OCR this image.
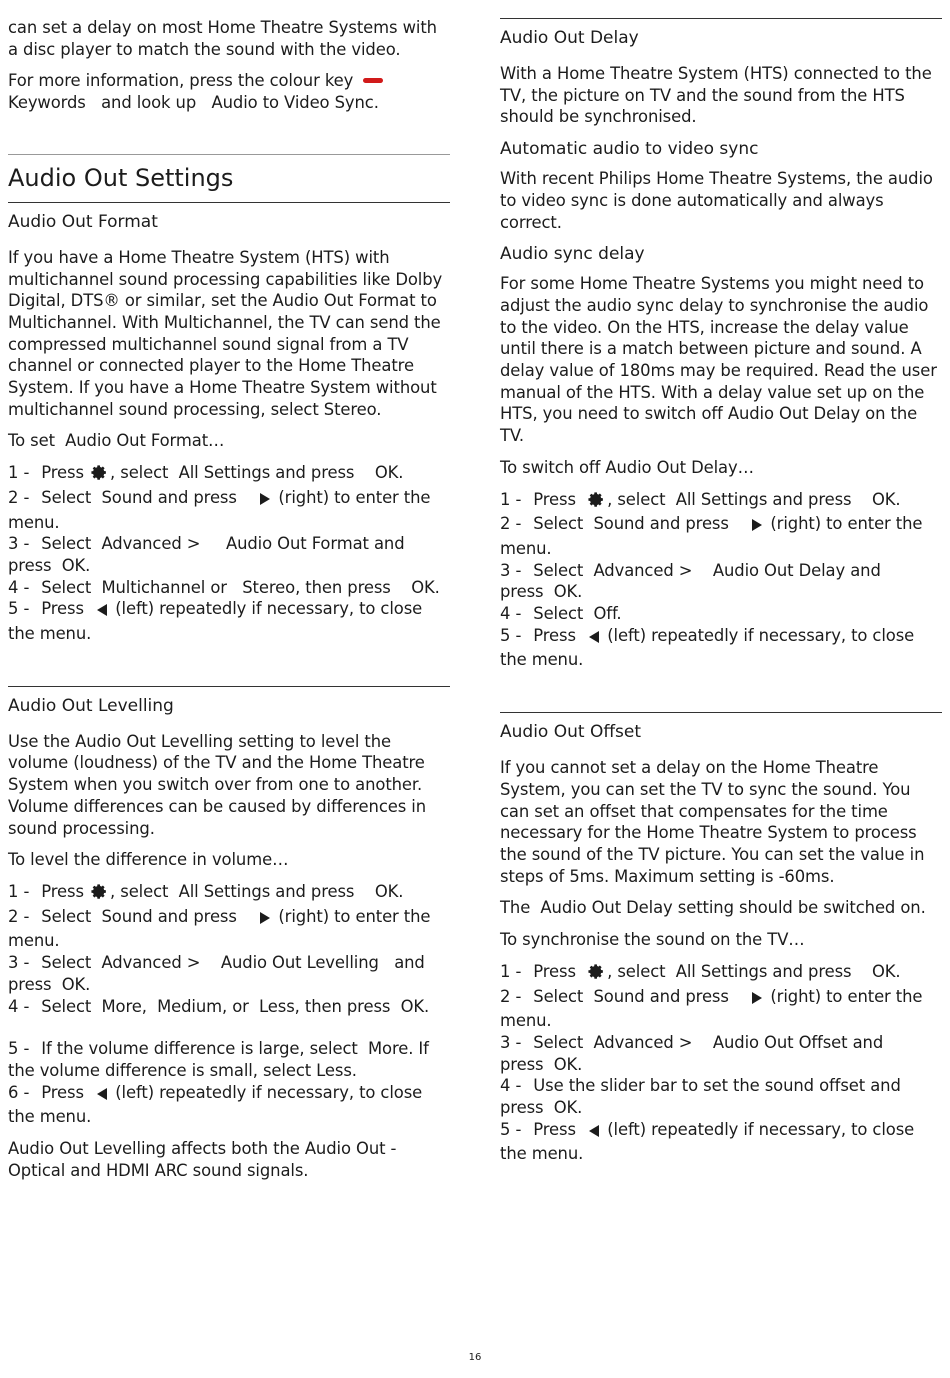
can set a delay on most Home Theatre Systems with a disc player to match the sound with the video.

For more information, press the colour keyKeywords and look up Audio to Video Sync.

Audio Out Settings
Audio Out Format

If you have a Home Theatre System (HTS) with multichannel sound processing capabilities like Dolby Digital, DTS® or similar, set the Audio Out Format to Multichannel. With Multichannel, the TV can send the compressed multichannel sound signal from a TV channel or connected player to the Home Theatre System. If you have a Home Theatre System without multichannel sound processing, select Stereo.

To set Audio Out Format…

1 - Press , select All Settings and press OK.

2 - Select Sound and press	(right) to enter the menu.

3 - Select Advanced > Audio Out Format and press OK.

4 - Select Multichannel or Stereo, then press OK.

5 - Press (left) repeatedly if necessary, to close the menu.

Audio Out Levelling

Use the Audio Out Levelling setting to level the volume (loudness) of the TV and the Home Theatre System when you switch over from one to another. Volume differences can be caused by differences in sound processing.

To level the difference in volume…

1 - Press , select All Settings and press OK.

2 - Select Sound and press	(right) to enter the menu.

3 - Select Advanced > Audio Out Levelling and press OK.

4 - Select More, Medium, or Less, then press OK.

5 - If the volume difference is large, select More. If the volume difference is small, select Less.

6 - Press (left) repeatedly if necessary, to close the menu.

Audio Out Levelling affects both the Audio Out - Optical and HDMI ARC sound signals.

Audio Out Delay

With a Home Theatre System (HTS) connected to the TV, the picture on TV and the sound from the HTS should be synchronised.

Automatic audio to video sync

With recent Philips Home Theatre Systems, the audio to video sync is done automatically and always correct.

Audio sync delay

For some Home Theatre Systems you might need to adjust the audio sync delay to synchronise the audio to the video. On the HTS, increase the delay value until there is a match between picture and sound. A delay value of 180ms may be required. Read the user manual of the HTS. With a delay value set up on the HTS, you need to switch off Audio Out Delay on the TV.

To switch off Audio Out Delay…

1 - Press , select All Settings and press OK.

2 - Select Sound and press	(right) to enter the menu.

3 - Select Advanced > Audio Out Delay and press OK.

4 - Select Off.

5 - Press (left) repeatedly if necessary, to close the menu.

Audio Out Offset

If you cannot set a delay on the Home Theatre System, you can set the TV to sync the sound. You can set an offset that compensates for the time necessary for the Home Theatre System to process the sound of the TV picture. You can set the value in steps of 5ms. Maximum setting is -60ms.

The Audio Out Delay setting should be switched on.

To synchronise the sound on the TV…

1 - Press , select All Settings and press OK.

2 - Select Sound and press	(right) to enter the menu.

3 - Select Advanced > Audio Out Offset and press OK.

4 - Use the slider bar to set the sound offset and press OK.

5 - Press (left) repeatedly if necessary, to close the menu.

16
